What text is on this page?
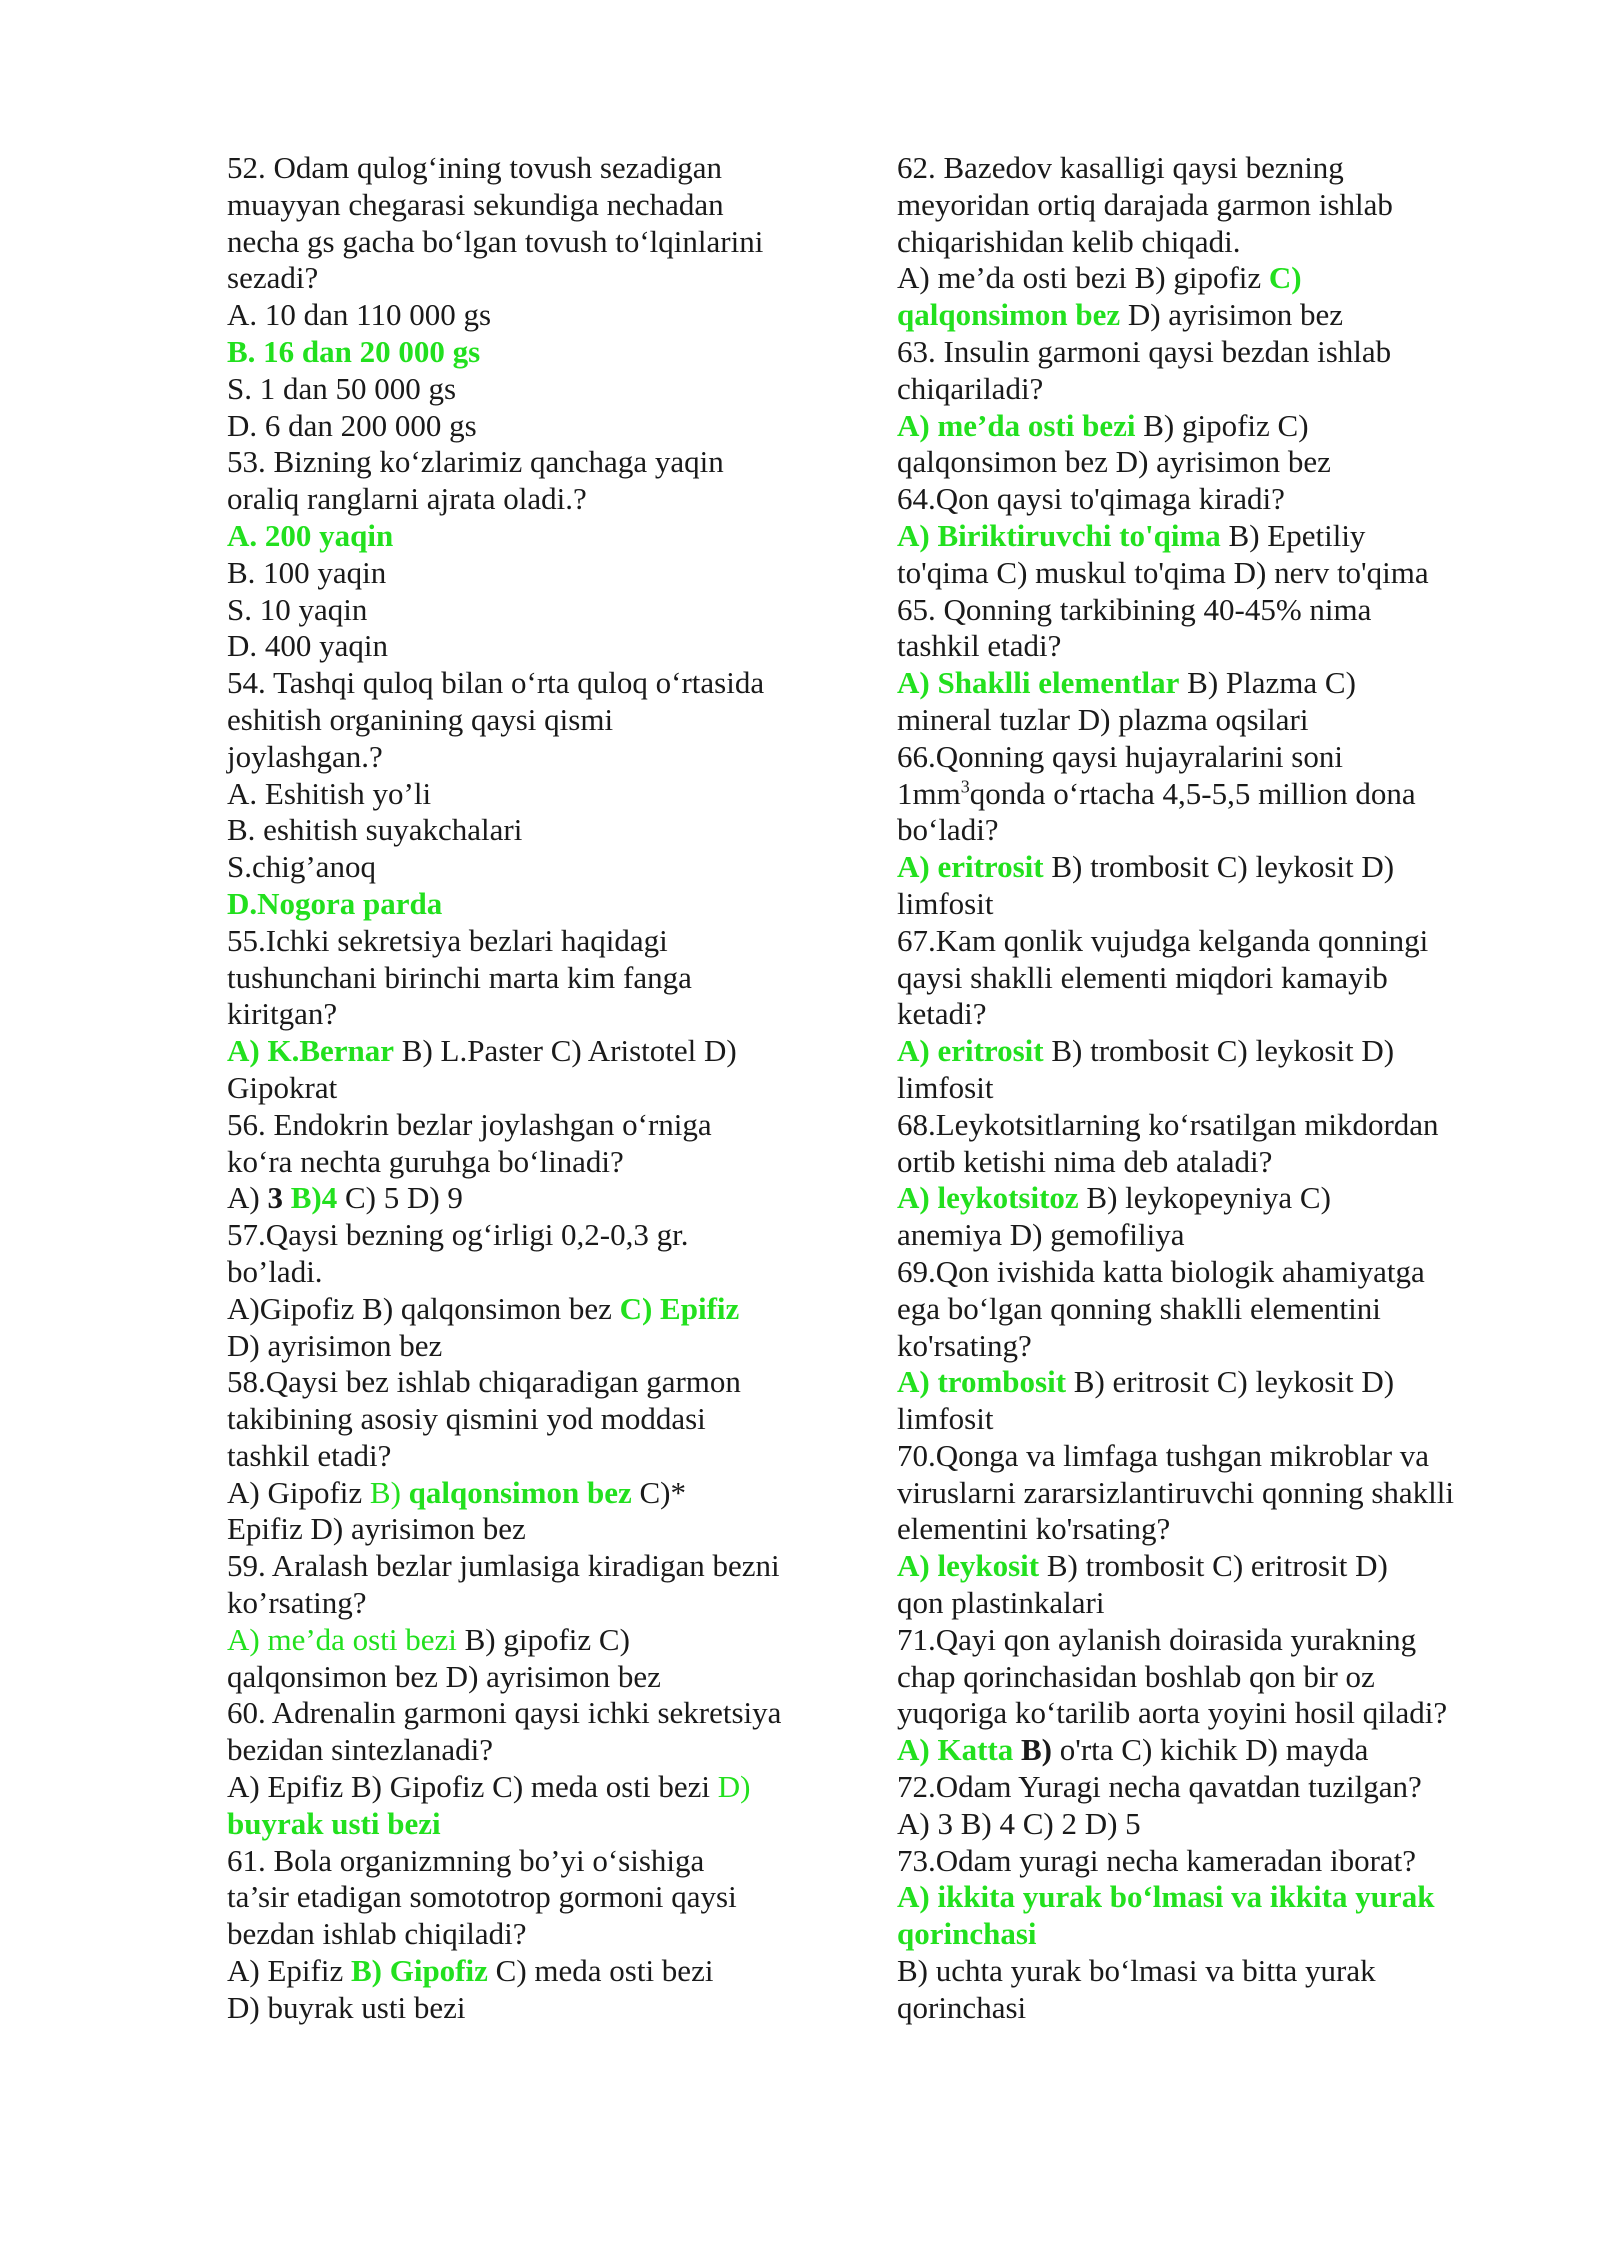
52. Odam qulog‘ining tovush sezadigan
muayyan chegarasi sekundiga nechadan
necha gs gacha bo‘lgan tovush to‘lqinlarini
sezadi?
A. 10 dan 110 000 gs
B. 16 dan 20 000 gs
S. 1 dan 50 000 gs
D. 6 dan 200 000 gs
53. Bizning ko‘zlarimiz qanchaga yaqin
oraliq ranglarni ajrata oladi.?
A. 200 yaqin
B. 100 yaqin
S. 10 yaqin
D. 400 yaqin
54. Tashqi quloq bilan o‘rta quloq o‘rtasida
eshitish organining qaysi qismi
joylashgan.?
A. Eshitish yo’li
B. eshitish suyakchalari
S.chig’anoq
D.Nogora parda
55.Ichki sekretsiya bezlari haqidagi
tushunchani birinchi marta kim fanga
kiritgan?
A) K.Bernar B) L.Paster C) Aristotel D)
Gipokrat
56. Endokrin bezlar joylashgan o‘rniga
ko‘ra nechta guruhga bo‘linadi?
A) 3 B)4 C) 5 D) 9
57.Qaysi bezning og‘irligi 0,2-0,3 gr.
bo’ladi.
A)Gipofiz B) qalqonsimon bez C) Epifiz
D) ayrisimon bez
58.Qaysi bez ishlab chiqaradigan garmon
takibining asosiy qismini yod moddasi
tashkil etadi?
A) Gipofiz B) qalqonsimon bez C)*
Epifiz D) ayrisimon bez
59. Aralash bezlar jumlasiga kiradigan bezni
ko’rsating?
A) me’da osti bezi B) gipofiz C)
qalqonsimon bez D) ayrisimon bez
60. Adrenalin garmoni qaysi ichki sekretsiya
bezidan sintezlanadi?
A) Epifiz B) Gipofiz C) meda osti bezi D)
buyrak usti bezi
61. Bola organizmning bo’yi o‘sishiga
ta’sir etadigan somototrop gormoni qaysi
bezdan ishlab chiqiladi?
A) Epifiz B) Gipofiz C) meda osti bezi
D) buyrak usti bezi
62. Bazedov kasalligi qaysi bezning
meyoridan ortiq darajada garmon ishlab
chiqarishidan kelib chiqadi.
A) me’da osti bezi B) gipofiz C)
qalqonsimon bez D) ayrisimon bez
63. Insulin garmoni qaysi bezdan ishlab
chiqariladi?
A) me’da osti bezi B) gipofiz C)
qalqonsimon bez D) ayrisimon bez
64.Qon qaysi to'qimaga kiradi?
A) Biriktiruvchi to'qima B) Epetiliy
to'qima C) muskul to'qima D) nerv to'qima
65. Qonning tarkibining 40-45% nima
tashkil etadi?
A) Shaklli elementlar B) Plazma C)
mineral tuzlar D) plazma oqsilari
66.Qonning qaysi hujayralarini soni
$1mm^3qonda$ o‘rtacha 4,5-5,5 million dona
bo‘ladi?
A) eritrosit B) trombosit C) leykosit D)
limfosit
67.Kam qonlik vujudga kelganda qonningi
qaysi shaklli elementi miqdori kamayib
ketadi?
A) eritrosit B) trombosit C) leykosit D)
limfosit
68.Leykotsitlarning ko‘rsatilgan mikdordan
ortib ketishi nima deb ataladi?
A) leykotsitoz B) leykopeyniya C)
anemiya D) gemofiliya
69.Qon ivishida katta biologik ahamiyatga
ega bo‘lgan qonning shaklli elementini
ko'rsating?
A) trombosit B) eritrosit C) leykosit D)
limfosit
70.Qonga va limfaga tushgan mikroblar va
viruslarni zararsizlantiruvchi qonning shaklli
elementini ko'rsating?
A) leykosit B) trombosit C) eritrosit D)
qon plastinkalari
71.Qayi qon aylanish doirasida yurakning
chap qorinchasidan boshlab qon bir oz
yuqoriga ko‘tarilib aorta yoyini hosil qiladi?
A) Katta B) o'rta C) kichik D) mayda
72.Odam Yuragi necha qavatdan tuzilgan?
A) 3 B) 4 C) 2 D) 5
73.Odam yuragi necha kameradan iborat?
A) ikkita yurak bo‘lmasi va ikkita yurak
qorinchasi
B) uchta yurak bo‘lmasi va bitta yurak
qorinchasi
